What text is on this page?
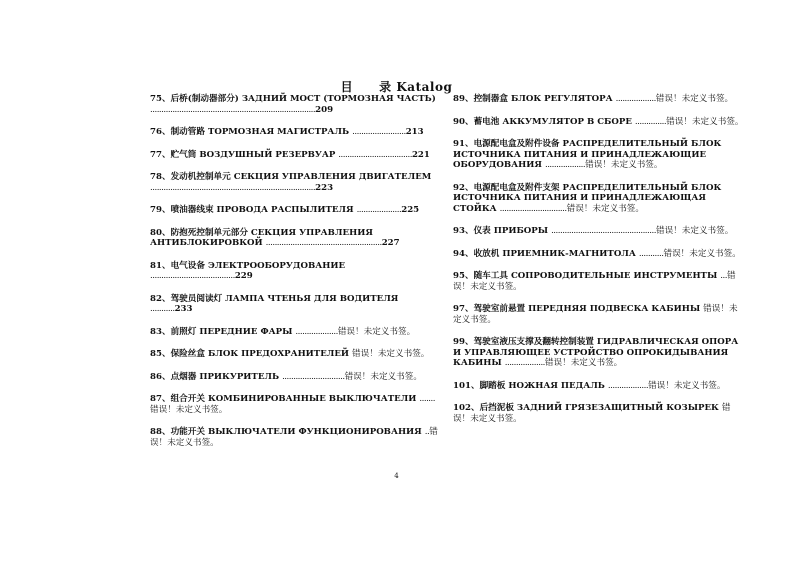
目 录 Katalog
75、后桥(制动器部分) ЗАДНИЙ МОСТ (ТОРМОЗНАЯ ЧАСТЬ) ..........................................................................209
76、制动管路 ТОРМОЗНАЯ МАГИСТРАЛЬ ........................213
77、贮气筒 ВОЗДУШНЫЙ РЕЗЕРВУАР .................................221
78、发动机控制单元 СЕКЦИЯ УПРАВЛЕНИЯ ДВИГАТЕЛЕМ ..........................................................................223
79、喷油器线束 ПРОВОДА РАСПЫЛИТЕЛЯ ....................225
80、防抱死控制单元部分 СЕКЦИЯ УПРАВЛЕНИЯ АНТИБЛОКИРОВКОЙ ....................................................227
81、电气设备 ЭЛЕКТРООБОРУДОВАНИЕ ......................................229
82、驾驶员阅读灯 ЛАМПА ЧТЕНЬЯ ДЛЯ ВОДИТЕЛЯ ...........233
83、前照灯 ПЕРЕДНИЕ ФАРЫ ...................错误！未定义书签。
85、保险丝盒 БЛОК ПРЕДОХРАНИТЕЛЕЙ 错误！未定义书签。
86、点烟器 ПРИКУРИТЕЛЬ ............................错误！未定义书签。
87、组合开关 КОМБИНИРОВАННЫЕ ВЫКЛЮЧАТЕЛИ .......错误！未定义书签。
88、功能开关 ВЫКЛЮЧАТЕЛИ ФУНКЦИОНИРОВАНИЯ ..错误！未定义书签。
89、控制器盒 БЛОК РЕГУЛЯТОРА ..................错误！未定义书签。
90、蓄电池 АККУМУЛЯТОР В СБОРЕ ..............错误！未定义书签。
91、电源配电盒及附件设备 РАСПРЕДЕЛИТЕЛЬНЫЙ БЛОК ИСТОЧНИКА ПИТАНИЯ И ПРИНАДЛЕЖАЮЩИЕ ОБОРУДОВАНИЯ ..................错误！未定义书签。
92、电源配电盒及附件支架 РАСПРЕДЕЛИТЕЛЬНЫЙ БЛОК ИСТОЧНИКА ПИТАНИЯ И ПРИНАДЛЕЖАЮЩАЯ СТОЙКА ..............................错误！未定义书签。
93、仪表 ПРИБОРЫ ...............................................错误！未定义书签。
94、收放机 ПРИЕМНИК-МАГНИТОЛА ...........错误！未定义书签。
95、随车工具 СОПРОВОДИТЕЛЬНЫЕ ИНСТРУМЕНТЫ ...错误！未定义书签。
97、驾驶室前悬置 ПЕРЕДНЯЯ ПОДВЕСКА КАБИНЫ 错误！未定义书签。
99、驾驶室液压支撑及翻转控制装置 ГИДРАВЛИЧЕСКАЯ ОПОРА И УПРАВЛЯЮЩЕЕ УСТРОЙСТВО ОПРОКИДЫВАНИЯ КАБИНЫ ..................错误！未定义书签。
101、脚踏板 НОЖНАЯ ПЕДАЛЬ ..................错误！未定义书签。
102、后挡泥板 ЗАДНИЙ ГРЯЗЕЗАЩИТНЫЙ КОЗЫРЕК 错误！未定义书签。
4
